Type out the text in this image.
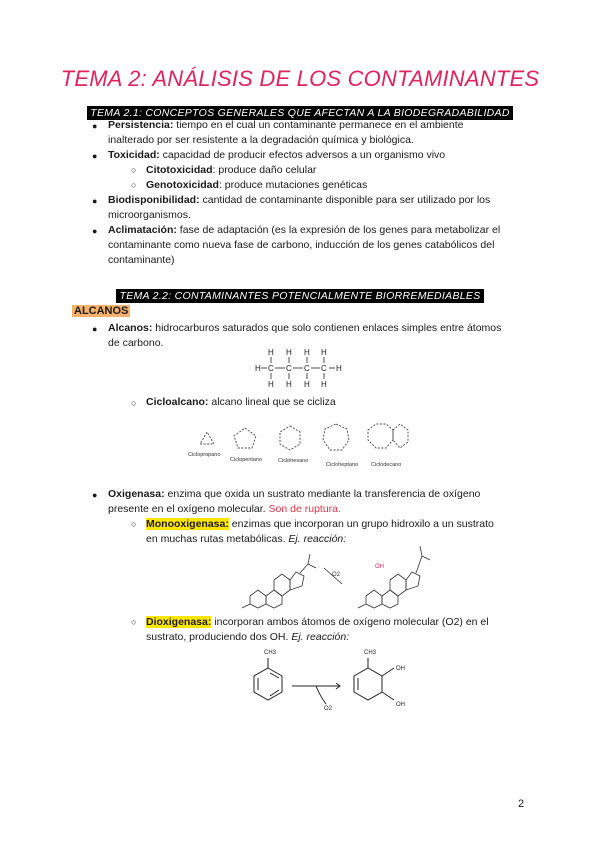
TEMA 2: ANÁLISIS DE LOS CONTAMINANTES
TEMA 2.1: CONCEPTOS GENERALES QUE AFECTAN A LA BIODEGRADABILIDAD
● Persistencia: tiempo en el cual un contaminante permanece en el ambiente
inalterado por ser resistente a la degradación química y biológica.
● Toxicidad: capacidad de producir efectos adversos a un organismo vivo
○ Citotoxicidad: produce daño celular
○ Genotoxicidad: produce mutaciones genéticas
● Biodisponibilidad: cantidad de contaminante disponible para ser utilizado por los
microorganismos.
● Aclimatación: fase de adaptación (es la expresión de los genes para metabolizar el
contaminante como nueva fase de carbono, inducción de los genes catabólicos del
contaminante)
TEMA 2.2: CONTAMINANTES POTENCIALMENTE BIORREMEDIABLES
ALCANOS
● Alcanos: hidrocarburos saturados que solo contienen enlaces simples entre átomos
de carbono.
H H H H
H C C C C H
H H H H
○ Cicloalcano: alcano lineal que se cicliza
Ciclopropano
Ciclopentano	Ciclohexano
Cicloheptano Ciclodecano
● Oxigenasa: enzima que oxida un sustrato mediante la transferencia de oxígeno
presente en el oxígeno molecular. Son de ruptura.
○ Monooxigenasa: enzimas que incorporan un grupo hidroxilo a un sustrato
en muchas rutas metabólicas. Ej. reacción:
O2
OH
○ Dioxigenasa: incorporan ambos átomos de oxígeno molecular (O2) en el
sustrato, produciendo dos OH. Ej. reacción:
CH3
O2
CH3
OH
OH
2
